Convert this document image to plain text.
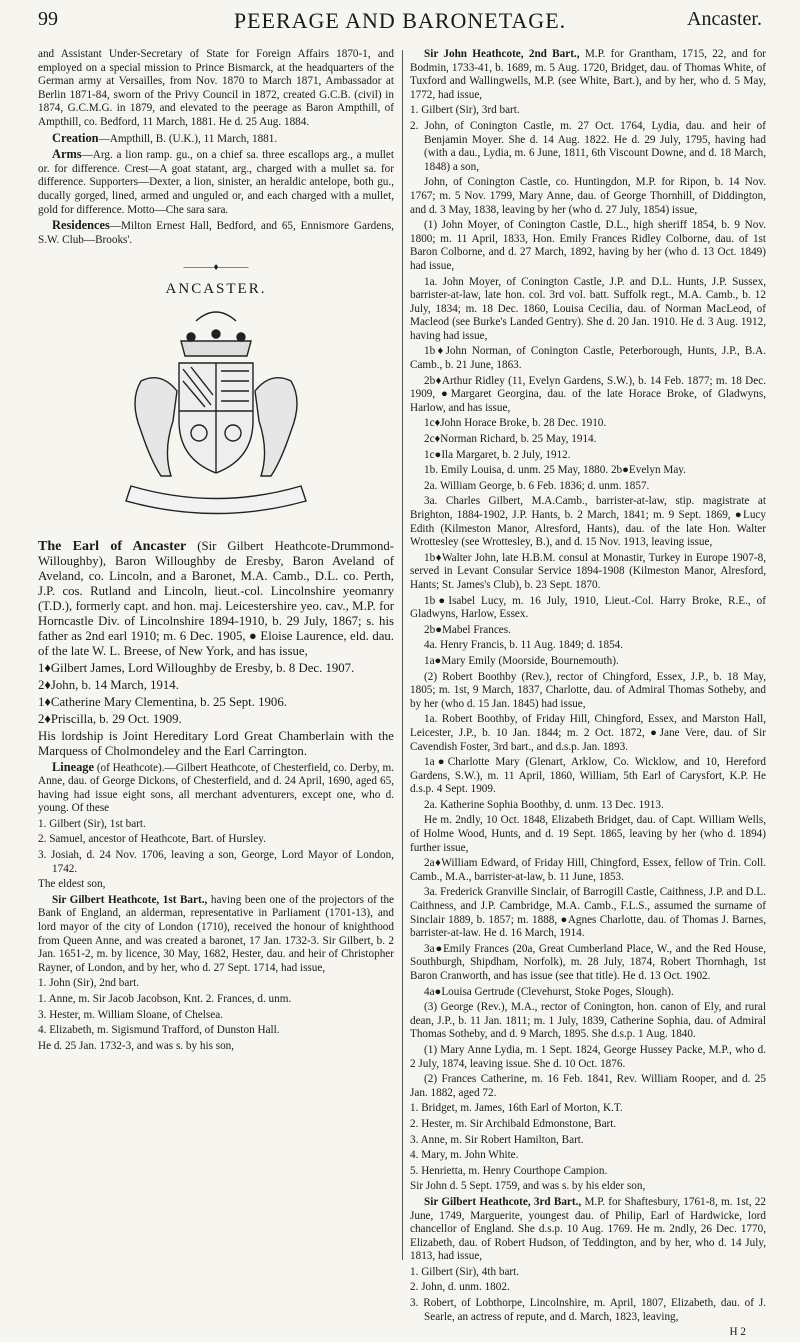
99	PEERAGE AND BARONETAGE.	Ancaster.

and Assistant Under-Secretary of State for Foreign Affairs 1870-1, and employed on a special mission to Prince Bismarck, at the headquarters of the German army at Versailles, from Nov. 1870 to March 1871, Ambassador at Berlin 1871-84, sworn of the Privy Council in 1872, created G.C.B. (civil) in 1874, G.C.M.G. in 1879, and elevated to the peerage as Baron Ampthill, of Ampthill, co. Bedford, 11 March, 1881. He d. 25 Aug. 1884.

Creation—Ampthill, B. (U.K.), 11 March, 1881.

Arms—Arg. a lion ramp. gu., on a chief sa. three escallops arg., a mullet or. for difference. Crest—A goat statant, arg., charged with a mullet sa. for difference. Supporters—Dexter, a lion, sinister, an heraldic antelope, both gu., ducally gorged, lined, armed and unguled or, and each charged with a mullet, gold for difference. Motto—Che sara sara.

Residences—Milton Ernest Hall, Bedford, and 65, Ennismore Gardens, S.W. Club—Brooks'.

———♦———
ANCASTER.

The Earl of Ancaster (Sir Gilbert Heathcote-Drummond-Willoughby), Baron Willoughby de Eresby, Baron Aveland of Aveland, co. Lincoln, and a Baronet, M.A. Camb., D.L. co. Perth, J.P. cos. Rutland and Lincoln, lieut.-col. Lincolnshire yeomanry (T.D.), formerly capt. and hon. maj. Leicestershire yeo. cav., M.P. for Horncastle Div. of Lincolnshire 1894-1910, b. 29 July, 1867; s. his father as 2nd earl 1910; m. 6 Dec. 1905, ● Eloise Laurence, eld. dau. of the late W. L. Breese, of New York, and has issue,

1♦Gilbert James, Lord Willoughby de Eresby, b. 8 Dec. 1907.

2♦John, b. 14 March, 1914.

1♦Catherine Mary Clementina, b. 25 Sept. 1906.

2♦Priscilla, b. 29 Oct. 1909.

His lordship is Joint Hereditary Lord Great Chamberlain with the Marquess of Cholmondeley and the Earl Carrington.

Lineage (of Heathcote).—Gilbert Heathcote, of Chesterfield, co. Derby, m. Anne, dau. of George Dickons, of Chesterfield, and d. 24 April, 1690, aged 65, having had issue eight sons, all merchant adventurers, except one, who d. young. Of these

1. Gilbert (Sir), 1st bart.

2. Samuel, ancestor of Heathcote, Bart. of Hursley.

3. Josiah, d. 24 Nov. 1706, leaving a son, George, Lord Mayor of London, 1742.

The eldest son,

Sir Gilbert Heathcote, 1st Bart., having been one of the projectors of the Bank of England, an alderman, representative in Parliament (1701-13), and lord mayor of the city of London (1710), received the honour of knighthood from Queen Anne, and was created a baronet, 17 Jan. 1732-3. Sir Gilbert, b. 2 Jan. 1651-2, m. by licence, 30 May, 1682, Hester, dau. and heir of Christopher Rayner, of London, and by her, who d. 27 Sept. 1714, had issue,

1. John (Sir), 2nd bart.

1. Anne, m. Sir Jacob Jacobson, Knt. 2. Frances, d. unm.

3. Hester, m. William Sloane, of Chelsea.

4. Elizabeth, m. Sigismund Trafford, of Dunston Hall.

He d. 25 Jan. 1732-3, and was s. by his son,

Sir John Heathcote, 2nd Bart., M.P. for Grantham, 1715, 22, and for Bodmin, 1733-41, b. 1689, m. 5 Aug. 1720, Bridget, dau. of Thomas White, of Tuxford and Wallingwells, M.P. (see White, Bart.), and by her, who d. 5 May, 1772, had issue,

1. Gilbert (Sir), 3rd bart.

2. John, of Conington Castle, m. 27 Oct. 1764, Lydia, dau. and heir of Benjamin Moyer. She d. 14 Aug. 1822. He d. 29 July, 1795, having had (with a dau., Lydia, m. 6 June, 1811, 6th Viscount Downe, and d. 18 March, 1848) a son,

John, of Conington Castle, co. Huntingdon, M.P. for Ripon, b. 14 Nov. 1767; m. 5 Nov. 1799, Mary Anne, dau. of George Thornhill, of Diddington, and d. 3 May, 1838, leaving by her (who d. 27 July, 1854) issue,

(1) John Moyer, of Conington Castle, D.L., high sheriff 1854, b. 9 Nov. 1800; m. 11 April, 1833, Hon. Emily Frances Ridley Colborne, dau. of 1st Baron Colborne, and d. 27 March, 1892, having by her (who d. 13 Oct. 1849) had issue,

1a. John Moyer, of Conington Castle, J.P. and D.L. Hunts, J.P. Sussex, barrister-at-law, late hon. col. 3rd vol. batt. Suffolk regt., M.A. Camb., b. 12 July, 1834; m. 18 Dec. 1860, Louisa Cecilia, dau. of Norman MacLeod, of Macleod (see Burke's Landed Gentry). She d. 20 Jan. 1910. He d. 3 Aug. 1912, having had issue,

1b♦John Norman, of Conington Castle, Peterborough, Hunts, J.P., B.A. Camb., b. 21 June, 1863.

2b♦Arthur Ridley (11, Evelyn Gardens, S.W.), b. 14 Feb. 1877; m. 18 Dec. 1909, ●Margaret Georgina, dau. of the late Horace Broke, of Gladwyns, Harlow, and has issue,

1c♦John Horace Broke, b. 28 Dec. 1910.

2c♦Norman Richard, b. 25 May, 1914.

1c●Ila Margaret, b. 2 July, 1912.

1b. Emily Louisa, d. unm. 25 May, 1880. 2b●Evelyn May.

2a. William George, b. 6 Feb. 1836; d. unm. 1857.

3a. Charles Gilbert, M.A.Camb., barrister-at-law, stip. magistrate at Brighton, 1884-1902, J.P. Hants, b. 2 March, 1841; m. 9 Sept. 1869, ●Lucy Edith (Kilmeston Manor, Alresford, Hants), dau. of the late Hon. Walter Wrottesley (see Wrottesley, B.), and d. 15 Nov. 1913, leaving issue,

1b♦Walter John, late H.B.M. consul at Monastir, Turkey in Europe 1907-8, served in Levant Consular Service 1894-1908 (Kilmeston Manor, Alresford, Hants; St. James's Club), b. 23 Sept. 1870.

1b●Isabel Lucy, m. 16 July, 1910, Lieut.-Col. Harry Broke, R.E., of Gladwyns, Harlow, Essex.

2b●Mabel Frances.

4a. Henry Francis, b. 11 Aug. 1849; d. 1854.

1a●Mary Emily (Moorside, Bournemouth).

(2) Robert Boothby (Rev.), rector of Chingford, Essex, J.P., b. 18 May, 1805; m. 1st, 9 March, 1837, Charlotte, dau. of Admiral Thomas Sotheby, and by her (who d. 15 Jan. 1845) had issue,

1a. Robert Boothby, of Friday Hill, Chingford, Essex, and Marston Hall, Leicester, J.P., b. 10 Jan. 1844; m. 2 Oct. 1872, ●Jane Vere, dau. of Sir Cavendish Foster, 3rd bart., and d.s.p. Jan. 1893.

1a●Charlotte Mary (Glenart, Arklow, Co. Wicklow, and 10, Hereford Gardens, S.W.), m. 11 April, 1860, William, 5th Earl of Carysfort, K.P. He d.s.p. 4 Sept. 1909.

2a. Katherine Sophia Boothby, d. unm. 13 Dec. 1913.

He m. 2ndly, 10 Oct. 1848, Elizabeth Bridget, dau. of Capt. William Wells, of Holme Wood, Hunts, and d. 19 Sept. 1865, leaving by her (who d. 1894) further issue,

2a♦William Edward, of Friday Hill, Chingford, Essex, fellow of Trin. Coll. Camb., M.A., barrister-at-law, b. 11 June, 1853.

3a. Frederick Granville Sinclair, of Barrogill Castle, Caithness, J.P. and D.L. Caithness, and J.P. Cambridge, M.A. Camb., F.L.S., assumed the surname of Sinclair 1889, b. 1857; m. 1888, ●Agnes Charlotte, dau. of Thomas J. Barnes, barrister-at-law. He d. 16 March, 1914.

3a●Emily Frances (20a, Great Cumberland Place, W., and the Red House, Southburgh, Shipdham, Norfolk), m. 28 July, 1874, Robert Thornhagh, 1st Baron Cranworth, and has issue (see that title). He d. 13 Oct. 1902.

4a●Louisa Gertrude (Clevehurst, Stoke Poges, Slough).

(3) George (Rev.), M.A., rector of Conington, hon. canon of Ely, and rural dean, J.P., b. 11 Jan. 1811; m. 1 July, 1839, Catherine Sophia, dau. of Admiral Thomas Sotheby, and d. 9 March, 1895. She d.s.p. 1 Aug. 1840.

(1) Mary Anne Lydia, m. 1 Sept. 1824, George Hussey Packe, M.P., who d. 2 July, 1874, leaving issue. She d. 10 Oct. 1876.

(2) Frances Catherine, m. 16 Feb. 1841, Rev. William Rooper, and d. 25 Jan. 1882, aged 72.

1. Bridget, m. James, 16th Earl of Morton, K.T.

2. Hester, m. Sir Archibald Edmonstone, Bart.

3. Anne, m. Sir Robert Hamilton, Bart.

4. Mary, m. John White.

5. Henrietta, m. Henry Courthope Campion.

Sir John d. 5 Sept. 1759, and was s. by his elder son,

Sir Gilbert Heathcote, 3rd Bart., M.P. for Shaftesbury, 1761-8, m. 1st, 22 June, 1749, Marguerite, youngest dau. of Philip, Earl of Hardwicke, lord chancellor of England. She d.s.p. 10 Aug. 1769. He m. 2ndly, 26 Dec. 1770, Elizabeth, dau. of Robert Hudson, of Teddington, and by her, who d. 14 July, 1813, had issue,

1. Gilbert (Sir), 4th bart.

2. John, d. unm. 1802.

3. Robert, of Lobthorpe, Lincolnshire, m. April, 1807, Elizabeth, dau. of J. Searle, an actress of repute, and d. March, 1823, leaving,

H 2
